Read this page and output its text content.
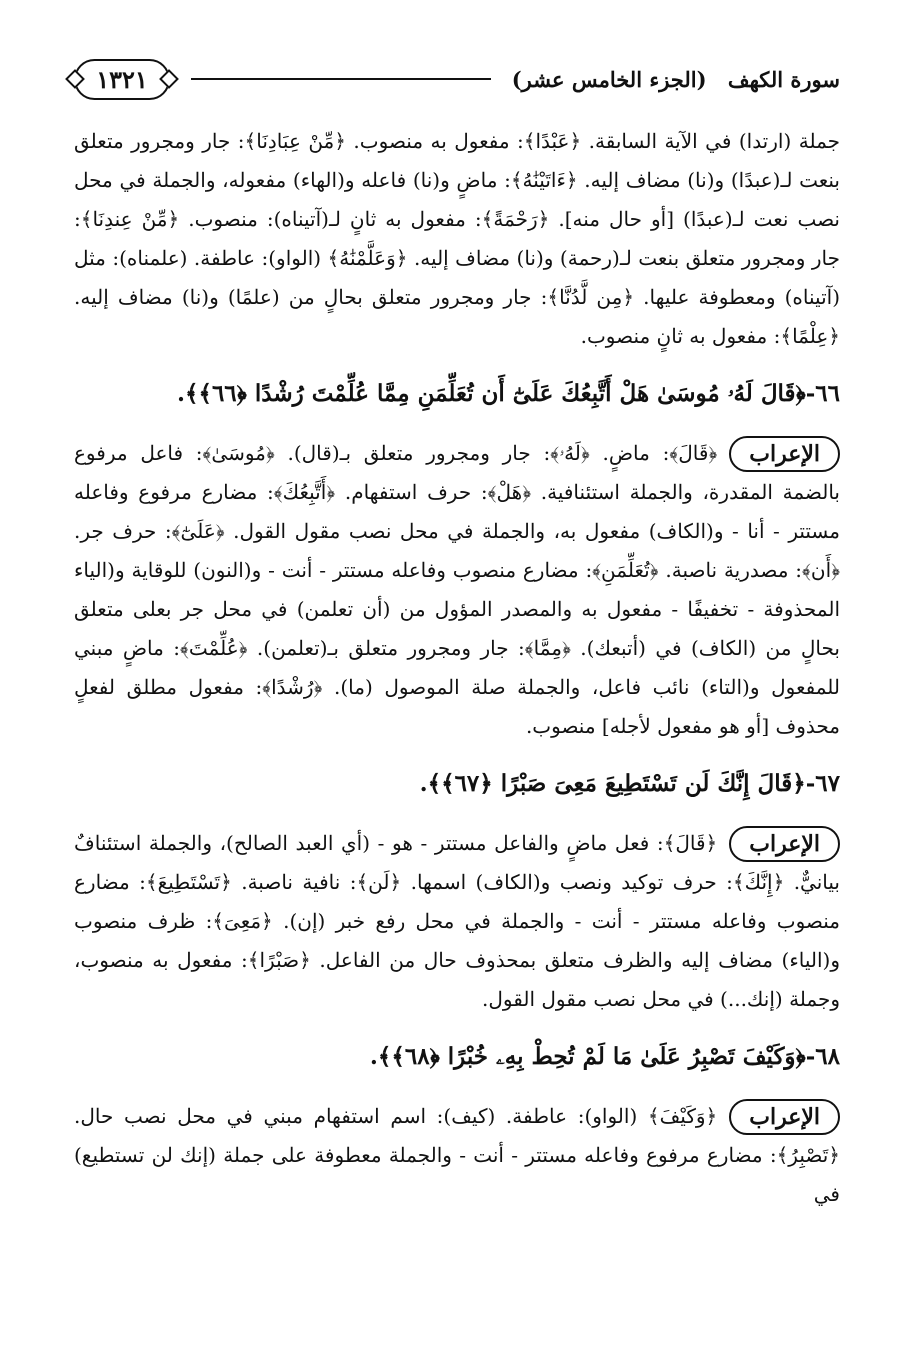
سورة الكهف (الجزء الخامس عشر)
١٣٢١

جملة (ارتدا) في الآية السابقة. ﴿عَبْدًا﴾: مفعول به منصوب. ﴿مِّنْ عِبَادِنَا﴾: جار ومجرور متعلق بنعت لـ(عبدًا) و(نا) مضاف إليه. ﴿ءَاتَيْنَٰهُ﴾: ماضٍ و(نا) فاعله و(الهاء) مفعوله، والجملة في محل نصب نعت لـ(عبدًا) [أو حال منه]. ﴿رَحْمَةً﴾: مفعول به ثانٍ لـ(آتيناه): منصوب. ﴿مِّنْ عِندِنَا﴾: جار ومجرور متعلق بنعت لـ(رحمة) و(نا) مضاف إليه. ﴿وَعَلَّمْنَٰهُ﴾ (الواو): عاطفة. (علمناه): مثل (آتيناه) ومعطوفة عليها. ﴿مِن لَّدُنَّا﴾: جار ومجرور متعلق بحالٍ من (علمًا) و(نا) مضاف إليه. ﴿عِلْمًا﴾: مفعول به ثانٍ منصوب.

٦٦-﴿قَالَ لَهُۥ مُوسَىٰ هَلْ أَتَّبِعُكَ عَلَىٰٓ أَن تُعَلِّمَنِ مِمَّا عُلِّمْتَ رُشْدًا ﴿٦٦﴾﴾.
الإعراب

﴿قَالَ﴾: ماضٍ. ﴿لَهُۥ﴾: جار ومجرور متعلق بـ(قال). ﴿مُوسَىٰ﴾: فاعل مرفوع بالضمة المقدرة، والجملة استئنافية. ﴿هَلْ﴾: حرف استفهام. ﴿أَتَّبِعُكَ﴾: مضارع مرفوع وفاعله مستتر - أنا - و(الكاف) مفعول به، والجملة في محل نصب مقول القول. ﴿عَلَىٰٓ﴾: حرف جر. ﴿أَن﴾: مصدرية ناصبة. ﴿تُعَلِّمَنِ﴾: مضارع منصوب وفاعله مستتر - أنت - و(النون) للوقاية و(الياء المحذوفة - تخفيفًا - مفعول به والمصدر المؤول من (أن تعلمن) في محل جر بعلى متعلق بحالٍ من (الكاف) في (أتبعك). ﴿مِمَّا﴾: جار ومجرور متعلق بـ(تعلمن). ﴿عُلِّمْتَ﴾: ماضٍ مبني للمفعول و(التاء) نائب فاعل، والجملة صلة الموصول (ما). ﴿رُشْدًا﴾: مفعول مطلق لفعلٍ محذوف [أو هو مفعول لأجله] منصوب.

٦٧-﴿قَالَ إِنَّكَ لَن تَسْتَطِيعَ مَعِىَ صَبْرًا ﴿٦٧﴾﴾.
الإعراب

﴿قَالَ﴾: فعل ماضٍ والفاعل مستتر - هو - (أي العبد الصالح)، والجملة استئنافٌ بيانيٌّ. ﴿إِنَّكَ﴾: حرف توكيد ونصب و(الكاف) اسمها. ﴿لَن﴾: نافية ناصبة. ﴿تَسْتَطِيعَ﴾: مضارع منصوب وفاعله مستتر - أنت - والجملة في محل رفع خبر (إن). ﴿مَعِىَ﴾: ظرف منصوب و(الياء) مضاف إليه والظرف متعلق بمحذوف حال من الفاعل. ﴿صَبْرًا﴾: مفعول به منصوب، وجملة (إنك...) في محل نصب مقول القول.

٦٨-﴿وَكَيْفَ تَصْبِرُ عَلَىٰ مَا لَمْ تُحِطْ بِهِۦ خُبْرًا ﴿٦٨﴾﴾.
الإعراب

﴿وَكَيْفَ﴾ (الواو): عاطفة. (كيف): اسم استفهام مبني في محل نصب حال. ﴿تَصْبِرُ﴾: مضارع مرفوع وفاعله مستتر - أنت - والجملة معطوفة على جملة (إنك لن تستطيع) في
